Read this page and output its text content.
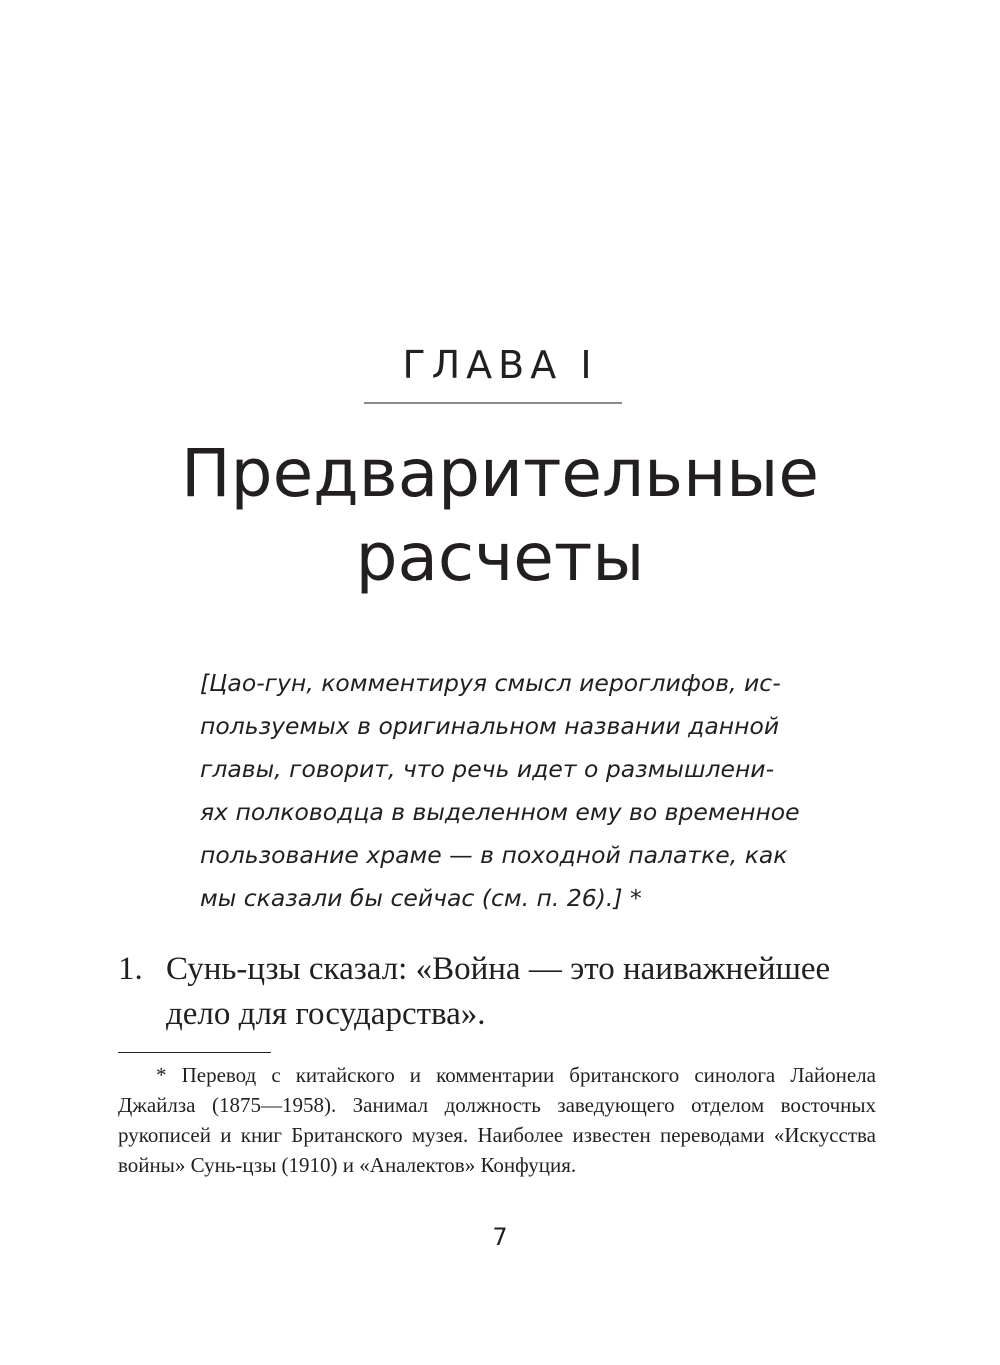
ГЛАВА I
Предварительные
расчеты
[Цао-гун, комментируя смысл иероглифов, ис-
пользуемых в оригинальном названии данной
главы, говорит, что речь идет о размышлени-
ях полководца в выделенном ему во временное
пользование храме — в походной палатке, как
мы сказали бы сейчас (см. п. 26).] *
1. Сунь-цзы сказал: «Война — это наиважнейшее
дело для государства».
* Перевод с китайского и комментарии британского синолога Лайонела Джайлза (1875—1958). Занимал должность заведующего отделом восточных рукописей и книг Британского музея. Наиболее известен переводами «Искусства войны» Сунь-цзы (1910) и «Аналектов» Конфуция.
7
